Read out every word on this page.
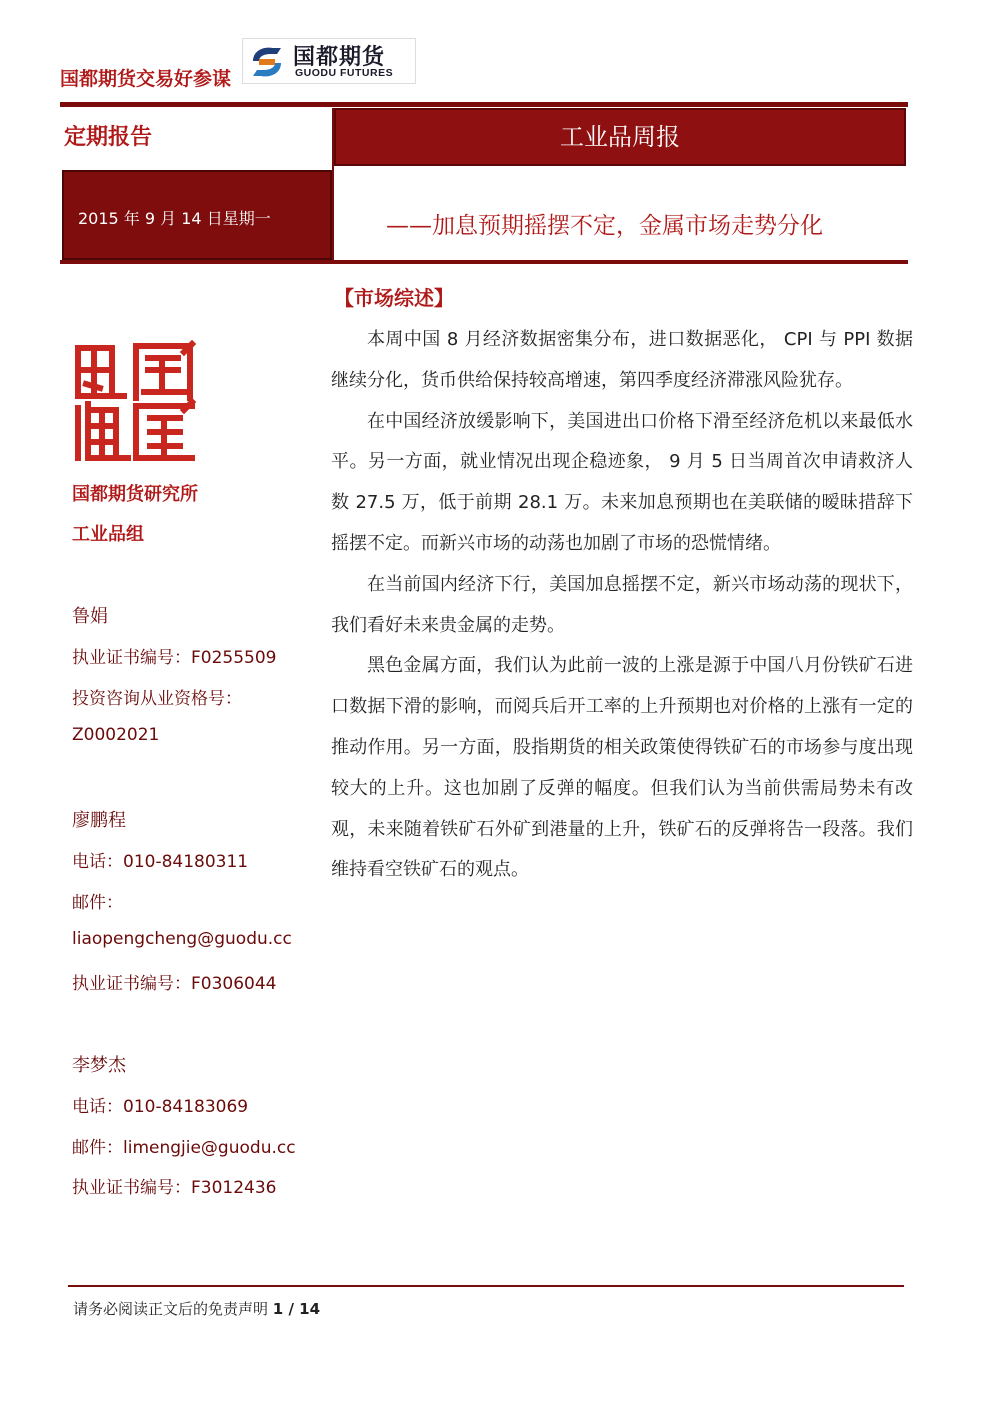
国都期货交易好参谋
国都期货
GUODU FUTURES
定期报告	工业品周报
2015 年 9 月 14 日星期一	——加息预期摇摆不定，金属市场走势分化
国都期货研究所
工业品组
鲁娟
执业证书编号：F0255509
投资咨询从业资格号：
Z0002021
廖鹏程
电话：010-84180311
邮件：
liaopengcheng@guodu.cc
执业证书编号：F0306044
李梦杰
电话：010-84183069
邮件：limengjie@guodu.cc
执业证书编号：F3012436
【市场综述】

本周中国 8 月经济数据密集分布，进口数据恶化， CPI 与 PPI 数据继续分化，货币供给保持较高增速，第四季度经济滞涨风险犹存。

在中国经济放缓影响下，美国进出口价格下滑至经济危机以来最低水平。另一方面，就业情况出现企稳迹象， 9 月 5 日当周首次申请救济人数 27.5 万，低于前期 28.1 万。未来加息预期也在美联储的暧昧措辞下摇摆不定。而新兴市场的动荡也加剧了市场的恐慌情绪。

在当前国内经济下行，美国加息摇摆不定，新兴市场动荡的现状下，我们看好未来贵金属的走势。

黑色金属方面，我们认为此前一波的上涨是源于中国八月份铁矿石进口数据下滑的影响，而阅兵后开工率的上升预期也对价格的上涨有一定的推动作用。另一方面，股指期货的相关政策使得铁矿石的市场参与度出现较大的上升。这也加剧了反弹的幅度。但我们认为当前供需局势未有改观，未来随着铁矿石外矿到港量的上升，铁矿石的反弹将告一段落。我们维持看空铁矿石的观点。

请务必阅读正文后的免责声明 1 / 14
